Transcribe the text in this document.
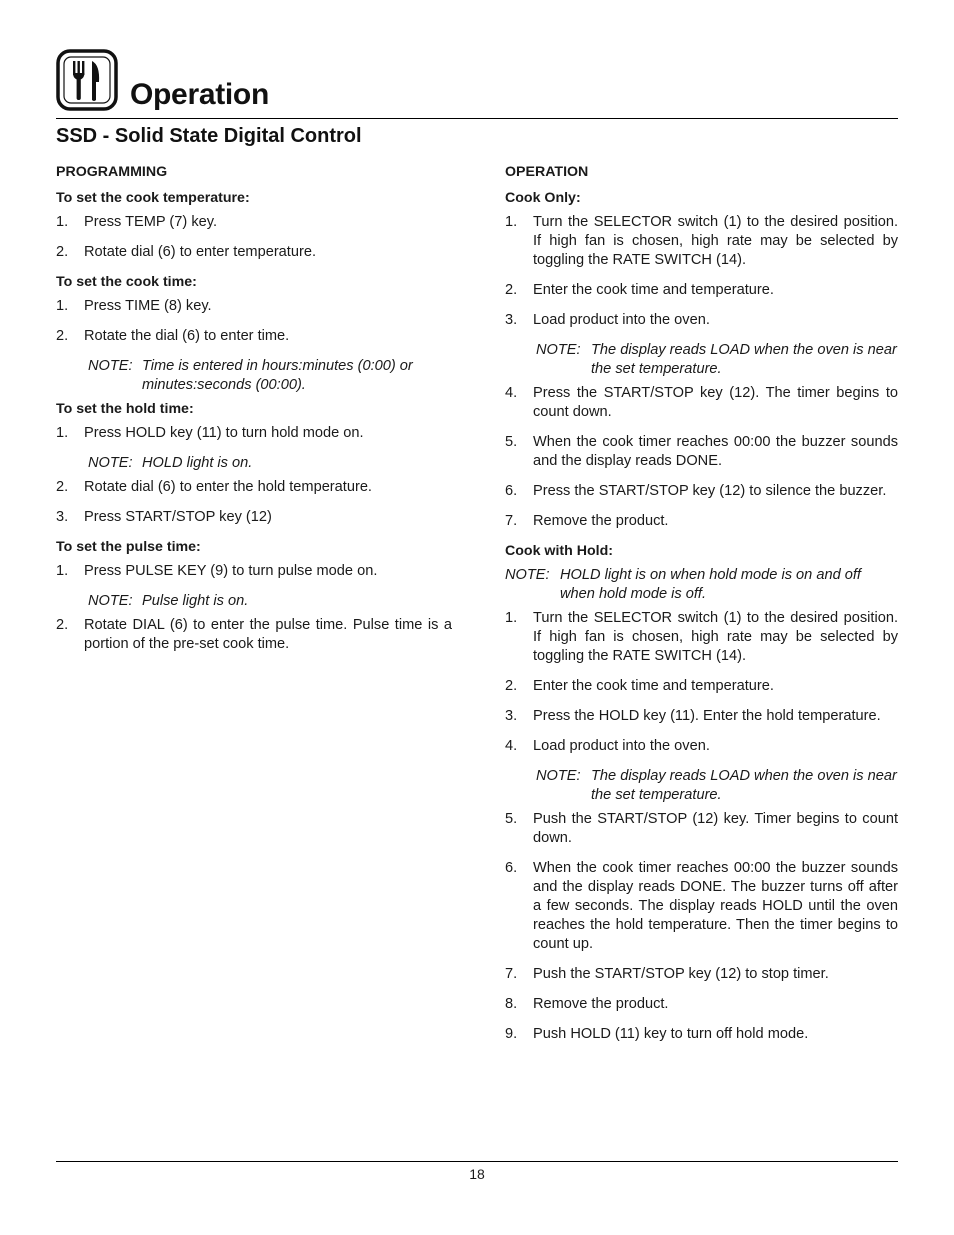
Operation
SSD - Solid State Digital Control
PROGRAMMING
To set the cook temperature:
1. Press TEMP (7) key.
2. Rotate dial (6) to enter temperature.
To set the cook time:
1. Press TIME (8) key.
2. Rotate the dial (6) to enter time.
NOTE: Time is entered in hours:minutes (0:00) or minutes:seconds (00:00).
To set the hold time:
1. Press HOLD key (11) to turn hold mode on.
NOTE: HOLD light is on.
2. Rotate dial (6) to enter the hold temperature.
3. Press START/STOP key (12)
To set the pulse time:
1. Press PULSE KEY (9) to turn pulse mode on.
NOTE: Pulse light is on.
2. Rotate DIAL (6) to enter the pulse time. Pulse time is a portion of the pre-set cook time.
OPERATION
Cook Only:
1. Turn the SELECTOR switch (1) to the desired position. If high fan is chosen, high rate may be selected by toggling the RATE SWITCH (14).
2. Enter the cook time and temperature.
3. Load product into the oven.
NOTE: The display reads LOAD when the oven is near the set temperature.
4. Press the START/STOP key (12). The timer begins to count down.
5. When the cook timer reaches 00:00 the buzzer sounds and the display reads DONE.
6. Press the START/STOP key (12) to silence the buzzer.
7. Remove the product.
Cook with Hold:
NOTE: HOLD light is on when hold mode is on and off when hold mode is off.
1. Turn the SELECTOR switch (1) to the desired position. If high fan is chosen, high rate may be selected by toggling the RATE SWITCH (14).
2. Enter the cook time and temperature.
3. Press the HOLD key (11). Enter the hold temperature.
4. Load product into the oven.
NOTE: The display reads LOAD when the oven is near the set temperature.
5. Push the START/STOP (12) key. Timer begins to count down.
6. When the cook timer reaches 00:00 the buzzer sounds and the display reads DONE. The buzzer turns off after a few seconds. The display reads HOLD until the oven reaches the hold temperature. Then the timer begins to count up.
7. Push the START/STOP key (12) to stop timer.
8. Remove the product.
9. Push HOLD (11) key to turn off hold mode.
18
